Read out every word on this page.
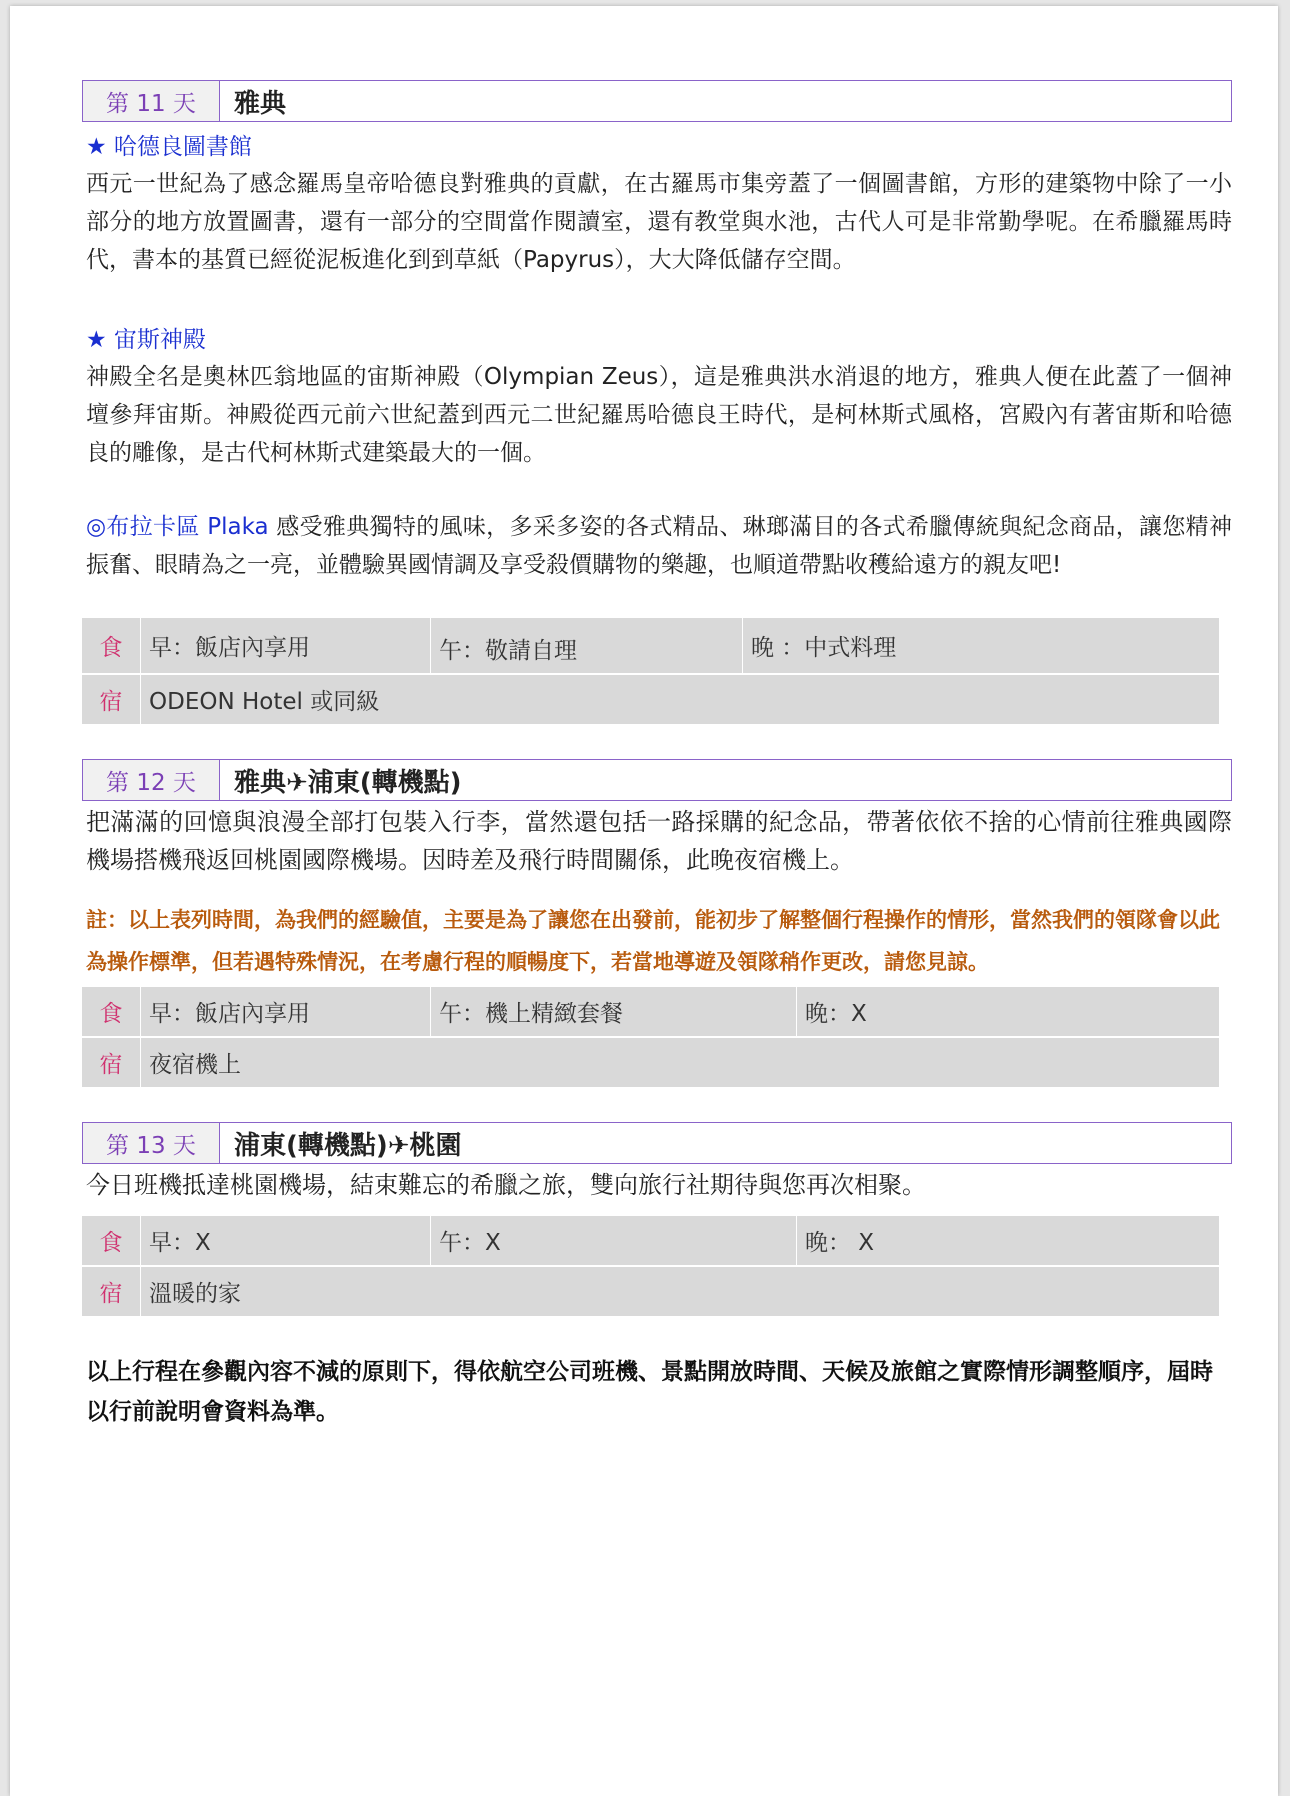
第 11 天	雅典
★ 哈德良圖書館

西元一世紀為了感念羅馬皇帝哈德良對雅典的貢獻，在古羅馬市集旁蓋了一個圖書館，方形的建築物中除了一小部分的地方放置圖書，還有一部分的空間當作閱讀室，還有教堂與水池，古代人可是非常勤學呢。在希臘羅馬時代，書本的基質已經從泥板進化到到草紙（Papyrus），大大降低儲存空間。

★ 宙斯神殿

神殿全名是奧林匹翁地區的宙斯神殿（Olympian Zeus），這是雅典洪水消退的地方，雅典人便在此蓋了一個神壇參拜宙斯。神殿從西元前六世紀蓋到西元二世紀羅馬哈德良王時代，是柯林斯式風格，宮殿內有著宙斯和哈德良的雕像，是古代柯林斯式建築最大的一個。

◎布拉卡區 Plaka 感受雅典獨特的風味，多采多姿的各式精品、琳瑯滿目的各式希臘傳統與紀念商品，讓您精神振奮、眼睛為之一亮，並體驗異國情調及享受殺價購物的樂趣，也順道帶點收穫給遠方的親友吧!

食	早：飯店內享用	午：敬請自理	晚 ：中式料理
宿	ODEON Hotel 或同級		
第 12 天	雅典✈浦東(轉機點)

把滿滿的回憶與浪漫全部打包裝入行李，當然還包括一路採購的紀念品，帶著依依不捨的心情前往雅典國際機場搭機飛返回桃園國際機場。因時差及飛行時間關係，此晚夜宿機上。

註：以上表列時間，為我們的經驗值，主要是為了讓您在出發前，能初步了解整個行程操作的情形，當然我們的領隊會以此為操作標準，但若遇特殊情況，在考慮行程的順暢度下，若當地導遊及領隊稍作更改，請您見諒。

食	早：飯店內享用	午：機上精緻套餐	晚：X
宿	夜宿機上		
第 13 天	浦東(轉機點)✈桃園

今日班機抵達桃園機場，結束難忘的希臘之旅，雙向旅行社期待與您再次相聚。

食	早：X	午：X	晚： X
宿	溫暖的家		

以上行程在參觀內容不減的原則下，得依航空公司班機、景點開放時間、天候及旅館之實際情形調整順序，屆時以行前說明會資料為準。
